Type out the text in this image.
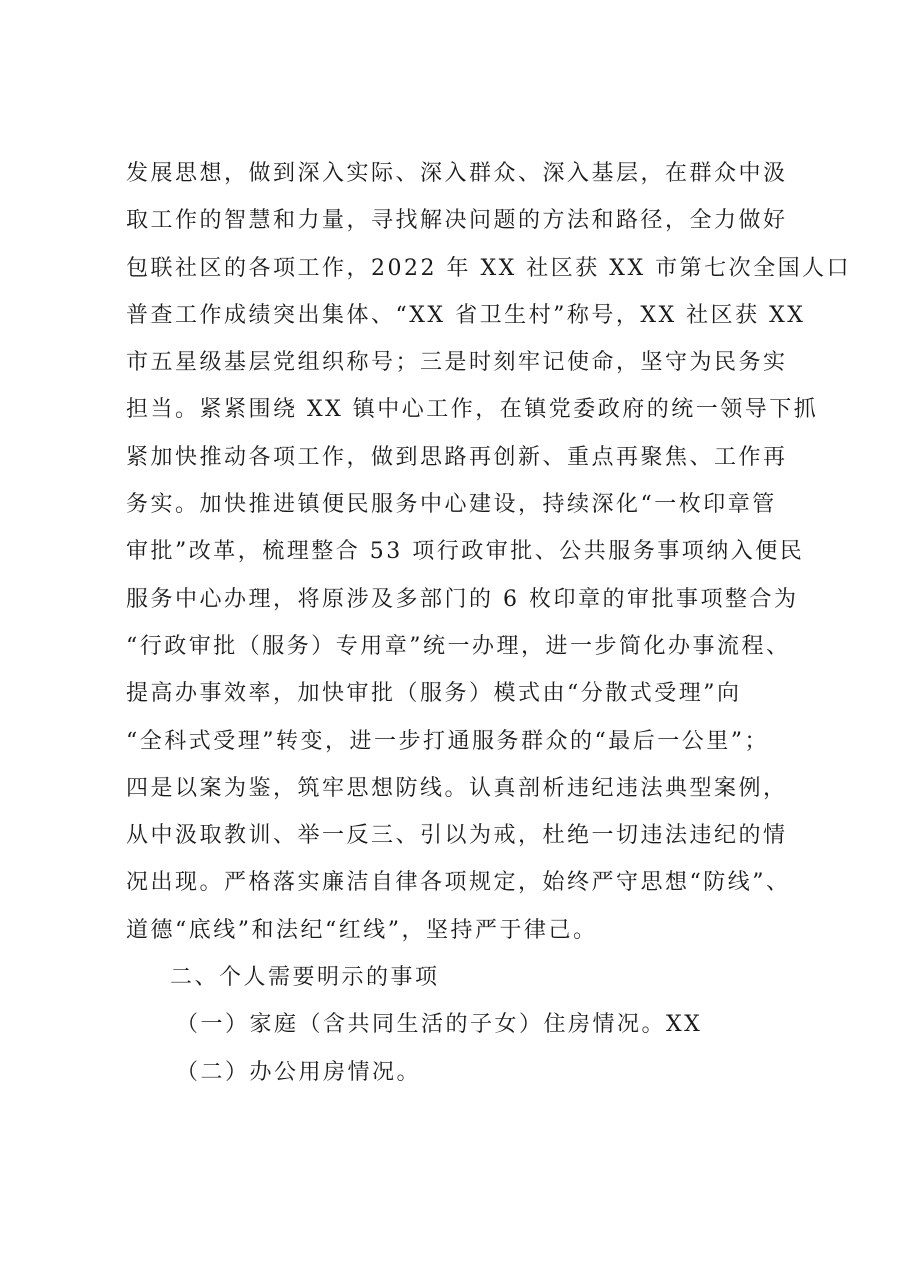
发展思想，做到深入实际、深入群众、深入基层，在群众中汲
取工作的智慧和力量，寻找解决问题的方法和路径，全力做好
包联社区的各项工作，2022 年 XX 社区获 XX 市第七次全国人口
普查工作成绩突出集体、“XX 省卫生村”称号，XX 社区获 XX
市五星级基层党组织称号；三是时刻牢记使命，坚守为民务实
担当。紧紧围绕 XX 镇中心工作，在镇党委政府的统一领导下抓
紧加快推动各项工作，做到思路再创新、重点再聚焦、工作再
务实。加快推进镇便民服务中心建设，持续深化“一枚印章管
审批”改革，梳理整合 53 项行政审批、公共服务事项纳入便民
服务中心办理，将原涉及多部门的 6 枚印章的审批事项整合为
“行政审批（服务）专用章”统一办理，进一步简化办事流程、
提高办事效率，加快审批（服务）模式由“分散式受理”向
“全科式受理”转变，进一步打通服务群众的“最后一公里”；
四是以案为鉴，筑牢思想防线。认真剖析违纪违法典型案例，
从中汲取教训、举一反三、引以为戒，杜绝一切违法违纪的情
况出现。严格落实廉洁自律各项规定，始终严守思想“防线”、
道德“底线”和法纪“红线”，坚持严于律己。
二、个人需要明示的事项
（一）家庭（含共同生活的子女）住房情况。XX
（二）办公用房情况。
